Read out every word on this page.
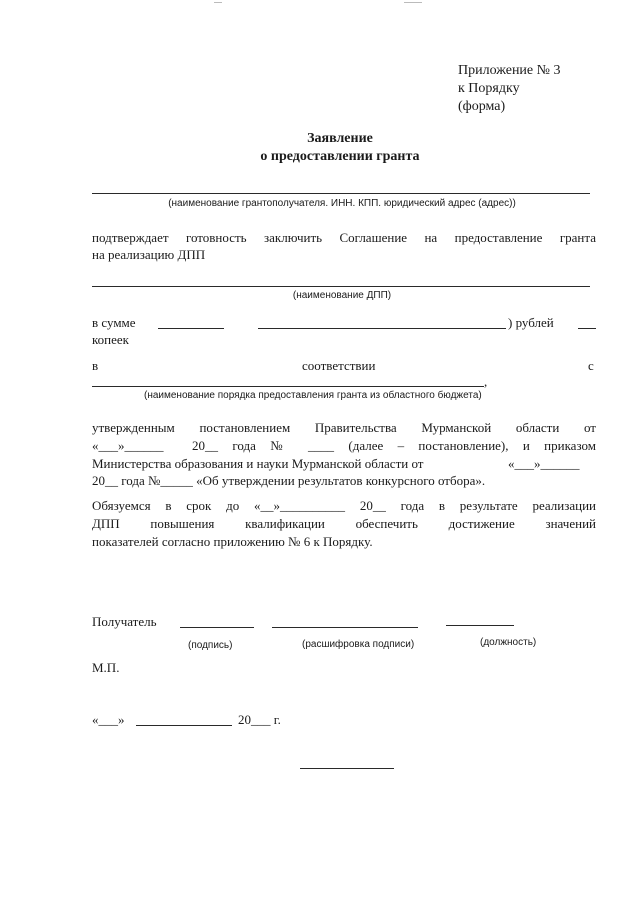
Приложение № 3
к Порядку
(форма)
Заявление
о предоставлении гранта
(наименование грантополучателя. ИНН. КПП. юридический адрес (адрес))
подтверждает готовность заключить Соглашение на предоставление гранта
на реализацию ДПП
(наименование ДПП)
в сумме	) рублей
копеек
в	соответствии	с
,
(наименование порядка предоставления гранта из областного бюджета)
утвержденным постановлением Правительства Мурманской области от
«___»______ 20__ года № ____ (далее – постановление), и приказом
Министерства образования и науки Мурманской области от	«___»______
20__ года №_____ «Об утверждении результатов конкурсного отбора».
Обязуемся в срок до «__»__________ 20__ года в результате реализации
ДПП повышения квалификации обеспечить достижение значений
показателей согласно приложению № 6 к Порядку.
Получатель
(подпись)	(расшифровка подписи)	(должность)
М.П.
«___»	20___ г.
